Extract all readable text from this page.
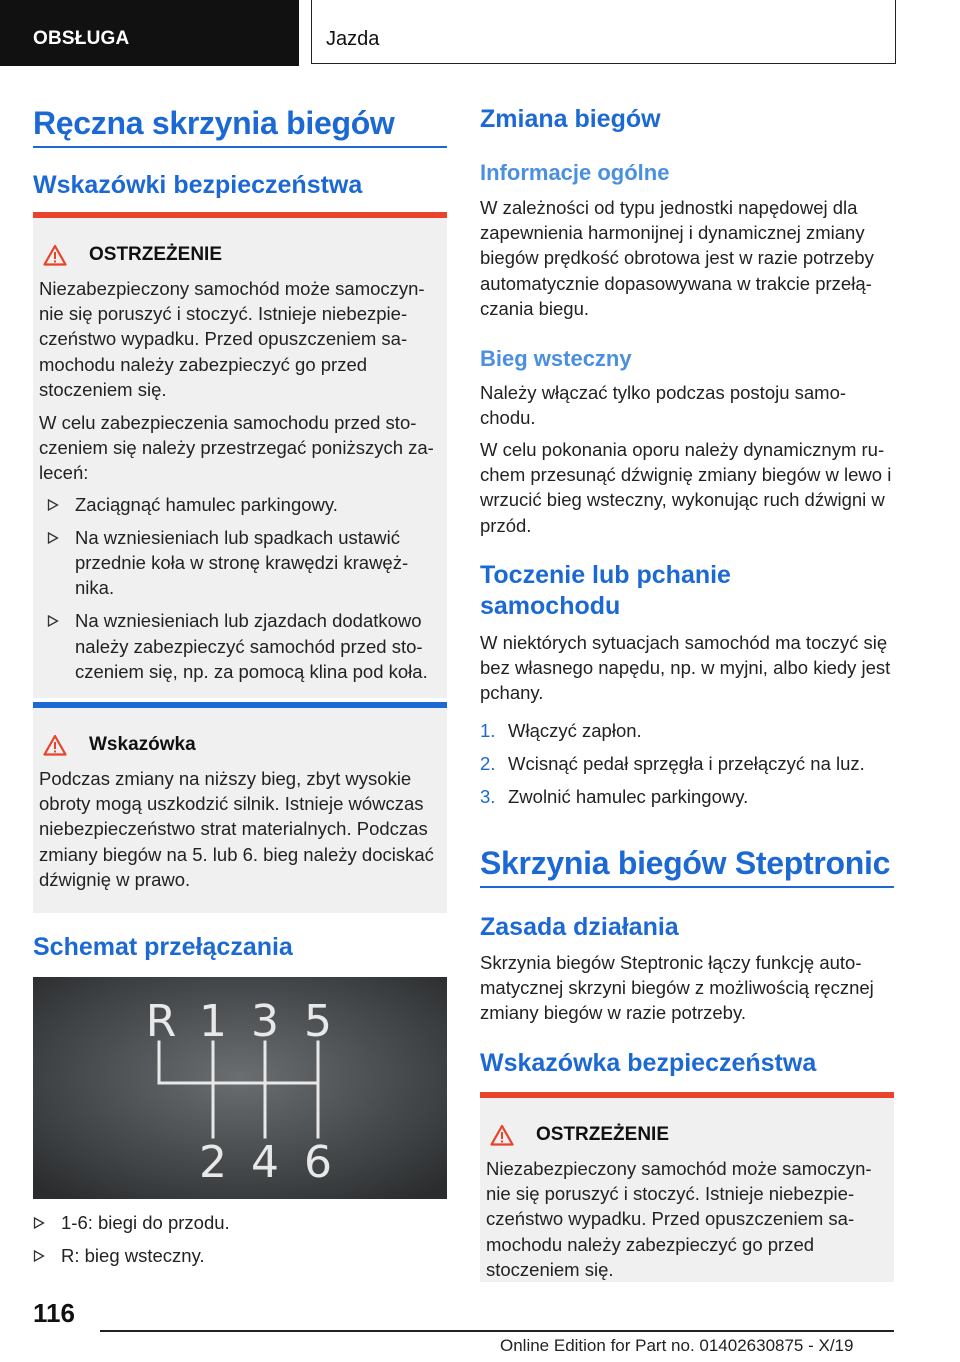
OBSŁUGA	Jazda
Ręczna skrzynia biegów
Wskazówki bezpieczeństwa
OSTRZEŻENIE

Niezabezpieczony samochód może samoczyn-nie się poruszyć i stoczyć. Istnieje niebezpie-czeństwo wypadku. Przed opuszczeniem sa-mochodu należy zabezpieczyć go przed stoczeniem się.

W celu zabezpieczenia samochodu przed sto-czeniem się należy przestrzegać poniższych za-leceń:

Zaciągnąć hamulec parkingowy.
Na wzniesieniach lub spadkach ustawić przednie koła w stronę krawędzi krawęż-nika.
Na wzniesieniach lub zjazdach dodatkowo należy zabezpieczyć samochód przed sto-czeniem się, np. za pomocą klina pod koła.
Wskazówka

Podczas zmiany na niższy bieg, zbyt wysokie obroty mogą uszkodzić silnik. Istnieje wówczas niebezpieczeństwo strat materialnych. Podczas zmiany biegów na 5. lub 6. bieg należy dociskać dźwignię w prawo.

Schemat przełączania
R 1 3 5
2 4 6
1-6: biegi do przodu.
R: bieg wsteczny.
Zmiana biegów
Informacje ogólne

W zależności od typu jednostki napędowej dla zapewnienia harmonijnej i dynamicznej zmiany biegów prędkość obrotowa jest w razie potrzeby automatycznie dopasowywana w trakcie przełą-czania biegu.

Bieg wsteczny

Należy włączać tylko podczas postoju samo-chodu.

W celu pokonania oporu należy dynamicznym ru-chem przesunąć dźwignię zmiany biegów w lewo i wrzucić bieg wsteczny, wykonując ruch dźwigni w przód.

Toczenie lub pchanie samochodu

W niektórych sytuacjach samochód ma toczyć się bez własnego napędu, np. w myjni, albo kiedy jest pchany.

1. Włączyć zapłon.
2. Wcisnąć pedał sprzęgła i przełączyć na luz.
3. Zwolnić hamulec parkingowy.
Skrzynia biegów Steptronic
Zasada działania

Skrzynia biegów Steptronic łączy funkcję auto-matycznej skrzyni biegów z możliwością ręcznej zmiany biegów w razie potrzeby.

Wskazówka bezpieczeństwa
OSTRZEŻENIE

Niezabezpieczony samochód może samoczyn-nie się poruszyć i stoczyć. Istnieje niebezpie-czeństwo wypadku. Przed opuszczeniem sa-mochodu należy zabezpieczyć go przed stoczeniem się.

116
Online Edition for Part no. 01402630875 - X/19
